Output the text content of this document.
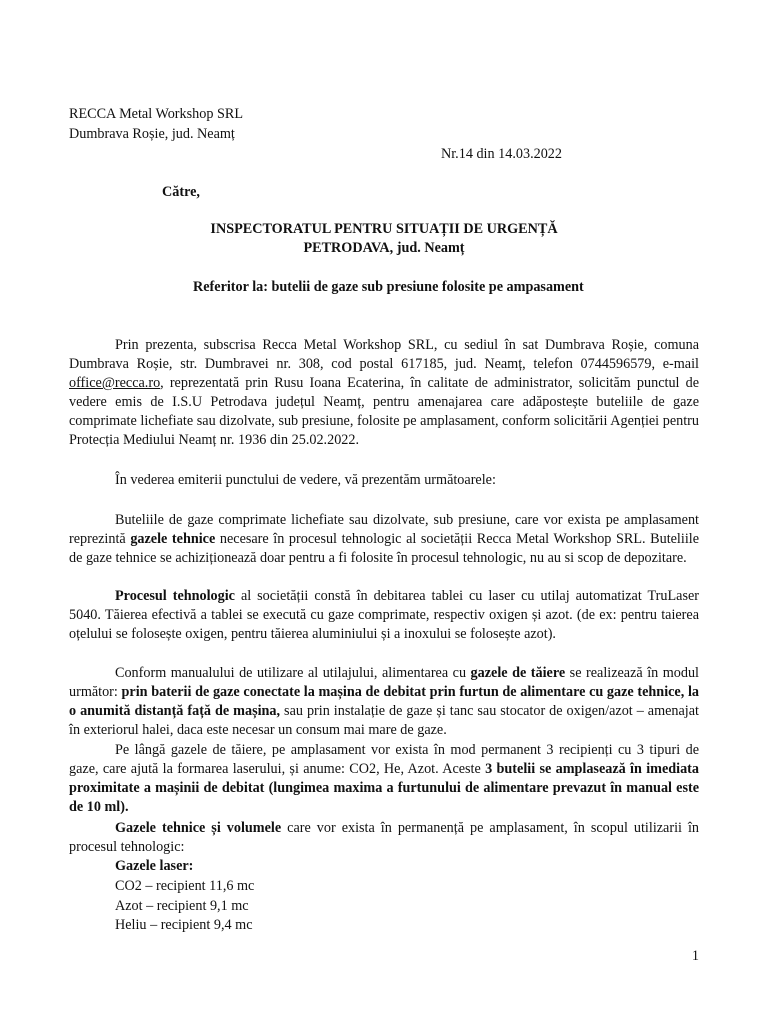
RECCA Metal Workshop SRL
Dumbrava Roșie, jud. Neamț
Nr.14 din 14.03.2022
Către,
INSPECTORATUL PENTRU SITUAȚII DE URGENȚĂ
PETRODAVA, jud. Neamț
Referitor la: butelii de gaze sub presiune folosite pe ampasament
Prin prezenta, subscrisa Recca Metal Workshop SRL, cu sediul în sat Dumbrava Roșie, comuna Dumbrava Roșie, str. Dumbravei nr. 308, cod postal 617185, jud. Neamț, telefon 0744596579, e-mail office@recca.ro, reprezentată prin Rusu Ioana Ecaterina, în calitate de administrator, solicităm punctul de vedere emis de I.S.U Petrodava județul Neamț, pentru amenajarea care adăpostește buteliile de gaze comprimate lichefiate sau dizolvate, sub presiune, folosite pe amplasament, conform solicitării Agenției pentru Protecția Mediului Neamț nr. 1936 din 25.02.2022.
În vederea emiterii punctului de vedere, vă prezentăm următoarele:
Buteliile de gaze comprimate lichefiate sau dizolvate, sub presiune, care vor exista pe amplasament reprezintă gazele tehnice necesare în procesul tehnologic al societății Recca Metal Workshop SRL. Buteliile de gaze tehnice se achiziționează doar pentru a fi folosite în procesul tehnologic, nu au si scop de depozitare.
Procesul tehnologic al societății constă în debitarea tablei cu laser cu utilaj automatizat TruLaser 5040. Tăierea efectivă a tablei se execută cu gaze comprimate, respectiv oxigen și azot. (de ex: pentru taierea oțelului se folosește oxigen, pentru tăierea aluminiului și a inoxului se folosește azot).
Conform manualului de utilizare al utilajului, alimentarea cu gazele de tăiere se realizează în modul următor: prin baterii de gaze conectate la mașina de debitat prin furtun de alimentare cu gaze tehnice, la o anumită distanță față de mașina, sau prin instalație de gaze și tanc sau stocator de oxigen/azot – amenajat în exteriorul halei, daca este necesar un consum mai mare de gaze.
Pe lângă gazele de tăiere, pe amplasament vor exista în mod permanent 3 recipienți cu 3 tipuri de gaze, care ajută la formarea laserului, și anume: CO2, He, Azot. Aceste 3 butelii se amplasează în imediata proximitate a mașinii de debitat (lungimea maxima a furtunului de alimentare prevazut în manual este de 10 ml).
Gazele tehnice și volumele care vor exista în permanență pe amplasament, în scopul utilizarii în procesul tehnologic:
Gazele laser:
CO2 – recipient 11,6 mc
Azot – recipient 9,1 mc
Heliu – recipient 9,4 mc
1
